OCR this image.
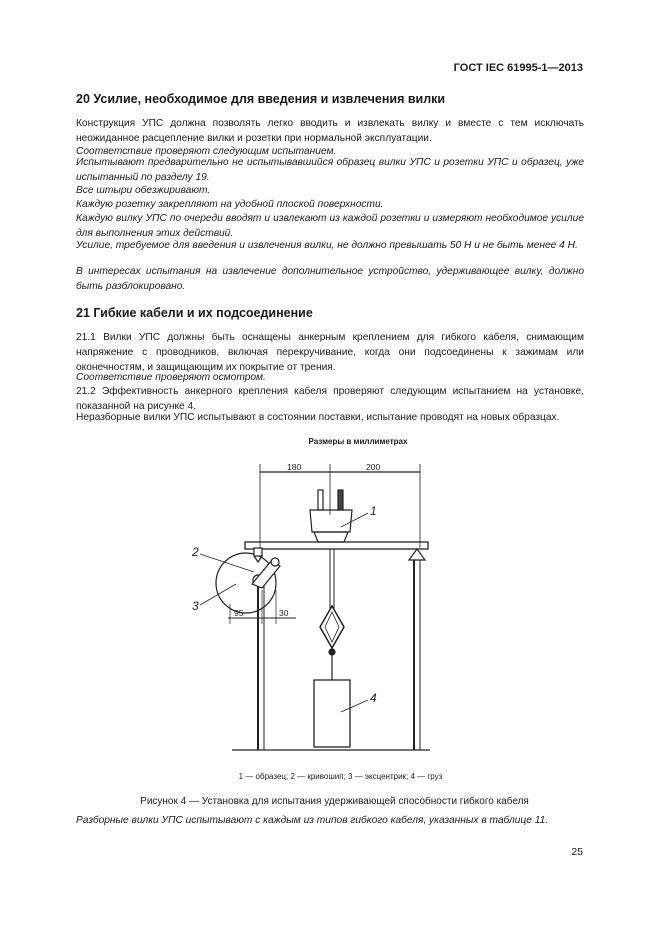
ГОСТ IEC 61995-1—2013
20 Усилие, необходимое для введения и извлечения вилки

Конструкция УПС должна позволять легко вводить и извлекать вилку и вместе с тем исключать неожиданное расцепление вилки и розетки при нормальной эксплуатации.

Соответствие проверяют следующим испытанием.

Испытывают предварительно не испытывавшийся образец вилки УПС и розетки УПС и образец, уже испытанный по разделу 19.

Все штыри обезжиривают.

Каждую розетку закрепляют на удобной плоской поверхности.

Каждую вилку УПС по очереди вводят и извлекают из каждой розетки и измеряют необходимое усилие для выполнения этих действий.

Усилие, требуемое для введения и извлечения вилки, не должно превышать 50 Н и не быть менее 4 Н.

В интересах испытания на извлечение дополнительное устройство, удерживающее вилку, должно быть разблокировано.

21 Гибкие кабели и их подсоединение

21.1 Вилки УПС должны быть оснащены анкерным креплением для гибкого кабеля, снимающим напряжение с проводников, включая перекручивание, когда они подсоединены к зажимам или оконечностям, и защищающим их покрытие от трения.

Соответствие проверяют осмотром.

21.2 Эффективность анкерного крепления кабеля проверяют следующим испытанием на установке, показанной на рисунке 4.

Неразборные вилки УПС испытывают в состоянии поставки, испытание проводят на новых образцах.

Размеры в миллиметрах
180	200
95	30
1
2
3
4
1 — образец; 2 — кривошип; 3 — эксцентрик; 4 — груз
Рисунок 4 — Установка для испытания удерживающей способности гибкого кабеля
Разборные вилки УПС испытывают с каждым из типов гибкого кабеля, указанных в таблице 11.
25
